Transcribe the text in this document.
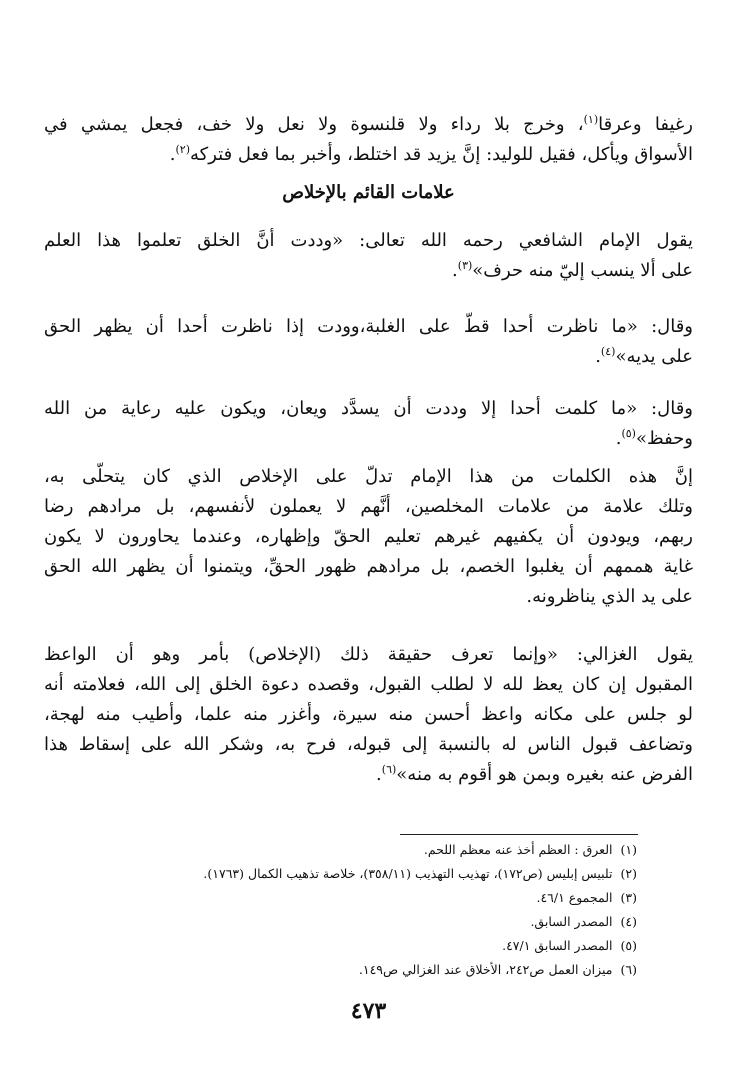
رغيفا وعرقا$^{(١)}$، وخرج بلا رداء ولا قلنسوة ولا نعل ولا خف، فجعل يمشي في
الأسواق ويأكل، فقيل للوليد: إنَّ يزيد قد اختلط، وأخبر بما فعل فتركه$^{(٢)}$.
علامات القائم بالإخلاص
يقول الإمام الشافعي رحمه الله تعالى: «وددت أنَّ الخلق تعلموا هذا العلم
على ألا ينسب إليّ منه حرف»$^{(٣)}$.
وقال: «ما ناظرت أحدا قطّ على الغلبة،وودت إذا ناظرت أحدا أن يظهر الحق
على يديه»$^{(٤)}$.
وقال: «ما كلمت أحدا إلا وددت أن يسدَّد ويعان، ويكون عليه رعاية من الله
وحفظ»$^{(٥)}$.
إنَّ هذه الكلمات من هذا الإمام تدلّ على الإخلاص الذي كان يتحلّى به،
وتلك علامة من علامات المخلصين، أنَّهم لا يعملون لأنفسهم، بل مرادهم رضا
ربهم، ويودون أن يكفيهم غيرهم تعليم الحقّ وإظهاره، وعندما يحاورون لا يكون
غاية هممهم أن يغلبوا الخصم، بل مرادهم ظهور الحقِّ، ويتمنوا أن يظهر الله الحق
على يد الذي يناظرونه.
يقول الغزالي: «وإنما تعرف حقيقة ذلك (الإخلاص) بأمر وهو أن الواعظ
المقبول إن كان يعظ لله لا لطلب القبول، وقصده دعوة الخلق إلى الله، فعلامته أنه
لو جلس على مكانه واعظ أحسن منه سيرة، وأغزر منه علما، وأطيب منه لهجة،
وتضاعف قبول الناس له بالنسبة إلى قبوله، فرح به، وشكر الله على إسقاط هذا
الفرض عنه بغيره وبمن هو أقوم به منه»$^{(٦)}$.
(١)العرق : العظم أخذ عنه معظم اللحم.
(٢)تلبيس إبليس (ص١٧٢)، تهذيب التهذيب (٣٥٨/١١)، خلاصة تذهيب الكمال (١٧٦٣).
(٣)المجموع ٤٦/١.
(٤)المصدر السابق.
(٥)المصدر السابق ٤٧/١.
(٦)ميزان العمل ص٢٤٢، الأخلاق عند الغزالي ص١٤٩.
٤٧٣
